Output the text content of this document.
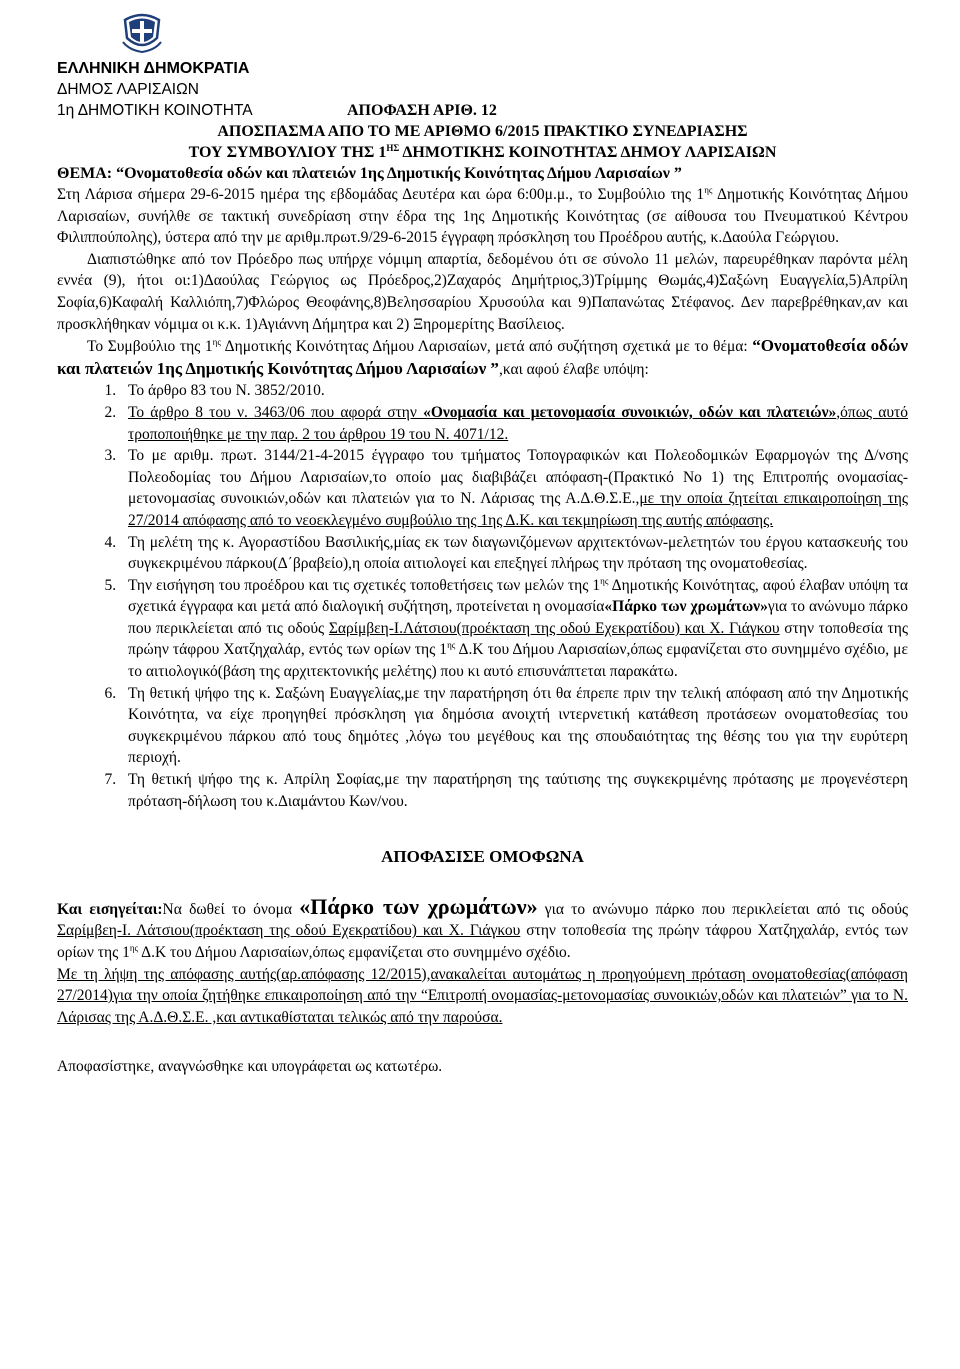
ΕΛΛΗΝΙΚΗ ΔΗΜΟΚΡΑΤΙΑ
ΔΗΜΟΣ ΛΑΡΙΣΑΙΩΝ
1η ΔΗΜΟΤΙΚΗ ΚΟΙΝΟΤΗΤΑ	ΑΠΟΦΑΣΗ ΑΡΙΘ. 12
ΑΠΟΣΠΑΣΜΑ ΑΠΟ ΤΟ ΜΕ ΑΡΙΘΜΟ 6/2015 ΠΡΑΚΤΙΚΟ ΣΥΝΕΔΡΙΑΣΗΣ
ΤΟΥ ΣΥΜΒΟΥΛΙΟΥ ΤΗΣ $1^{H\Sigma}$ ΔΗΜΟΤΙΚΗΣ ΚΟΙΝΟΤΗΤΑΣ ΔΗΜΟΥ ΛΑΡΙΣΑΙΩΝ
ΘΕΜΑ: “Ονοματοθεσία οδών και πλατειών 1ης Δημοτικής Κοινότητας Δήμου Λαρισαίων ”
Στη Λάρισα σήμερα 29-6-2015 ημέρα της εβδομάδας Δευτέρα και ώρα 6:00μ.μ., το Συμβούλιο της $1^{\eta\varsigma}$ Δημοτικής Κοινότητας Δήμου Λαρισαίων, συνήλθε σε τακτική συνεδρίαση στην έδρα της 1ης Δημοτικής Κοινότητας (σε αίθουσα του Πνευματικού Κέντρου Φιλιππούπολης), ύστερα από την με αριθμ.πρωτ.9/29-6-2015 έγγραφη πρόσκληση του Προέδρου αυτής, κ.Δαούλα Γεώργιου.
Διαπιστώθηκε από τον Πρόεδρο πως υπήρχε νόμιμη απαρτία, δεδομένου ότι σε σύνολο 11 μελών, παρευρέθηκαν παρόντα μέλη εννέα (9), ήτοι οι:1)Δαούλας Γεώργιος ως Πρόεδρος,2)Ζαχαρός Δημήτριος,3)Τρίμμης Θωμάς,4)Σαξώνη Ευαγγελία,5)Απρίλη Σοφία,6)Καφαλή Καλλιόπη,7)Φλώρος Θεοφάνης,8)Βελησσαρίου Χρυσούλα και 9)Παπανώτας Στέφανος. Δεν παρεβρέθηκαν,αν και προσκλήθηκαν νόμιμα οι κ.κ. 1)Αγιάννη Δήμητρα και 2) Ξηρομερίτης Βασίλειος.
Το Συμβούλιο της $1^{\eta\varsigma}$ Δημοτικής Κοινότητας Δήμου Λαρισαίων, μετά από συζήτηση σχετικά με το θέμα: “Ονοματοθεσία οδών και πλατειών 1ης Δημοτικής Κοινότητας Δήμου Λαρισαίων ”,και αφού έλαβε υπόψη:
1. Το άρθρο 83 του Ν. 3852/2010.
2. Το άρθρο 8 του ν. 3463/06 που αφορά στην «Ονομασία και μετονομασία συνοικιών, οδών και πλατειών»,όπως αυτό τροποποιήθηκε με την παρ. 2 του άρθρου 19 του Ν. 4071/12.
3. Το με αριθμ. πρωτ. 3144/21-4-2015 έγγραφο του τμήματος Τοπογραφικών και Πολεοδομικών Εφαρμογών της Δ/νσης Πολεοδομίας του Δήμου Λαρισαίων,το οποίο μας διαβιβάζει απόφαση-(Πρακτικό Νο 1) της Επιτροπής ονομασίας-μετονομασίας συνοικιών,οδών και πλατειών για το Ν. Λάρισας της Α.Δ.Θ.Σ.Ε.,με την οποία ζητείται επικαιροποίηση της 27/2014 απόφασης από το νεοεκλεγμένο συμβούλιο της 1ης Δ.Κ. και τεκμηρίωση της αυτής απόφασης.
4. Τη μελέτη της κ. Αγοραστίδου Βασιλικής,μίας εκ των διαγωνιζόμενων αρχιτεκτόνων-μελετητών του έργου κατασκευής του συγκεκριμένου πάρκου(Δ΄βραβείο),η οποία αιτιολογεί και επεξηγεί πλήρως την πρόταση της ονοματοθεσίας.
5. Την εισήγηση του προέδρου και τις σχετικές τοποθετήσεις των μελών της $1^{\eta\varsigma}$ Δημοτικής Κοινότητας, αφού έλαβαν υπόψη τα σχετικά έγγραφα και μετά από διαλογική συζήτηση, προτείνεται η ονομασία«Πάρκο των χρωμάτων»για το ανώνυμο πάρκο που περικλείεται από τις οδούς Σαρίμβεη-Ι.Λάτσιου(προέκταση της οδού Εχεκρατίδου) και Χ. Γιάγκου στην τοποθεσία της πρώην τάφρου Χατζηχαλάρ, εντός των ορίων της $1^{\eta\varsigma}$ Δ.Κ του Δήμου Λαρισαίων,όπως εμφανίζεται στο συνημμένο σχέδιο, με το αιτιολογικό(βάση της αρχιτεκτονικής μελέτης) που κι αυτό επισυνάπτεται παρακάτω.
6. Τη θετική ψήφο της κ. Σαξώνη Ευαγγελίας,με την παρατήρηση ότι θα έπρεπε πριν την τελική απόφαση από την Δημοτικής Κοινότητα, να είχε προηγηθεί πρόσκληση για δημόσια ανοιχτή ιντερνετική κατάθεση προτάσεων ονοματοθεσίας του συγκεκριμένου πάρκου από τους δημότες ,λόγω του μεγέθους και της σπουδαιότητας της θέσης του για την ευρύτερη περιοχή.
7. Τη θετική ψήφο της κ. Απρίλη Σοφίας,με την παρατήρηση της ταύτισης της συγκεκριμένης πρότασης με προγενέστερη πρόταση-δήλωση του κ.Διαμάντου Κων/νου.
ΑΠΟΦΑΣΙΣΕ ΟΜΟΦΩΝΑ
Και εισηγείται:Να δωθεί το όνομα «Πάρκο των χρωμάτων» για το ανώνυμο πάρκο που περικλείεται από τις οδούς Σαρίμβεη-Ι. Λάτσιου(προέκταση της οδού Εχεκρατίδου) και Χ. Γιάγκου στην τοποθεσία της πρώην τάφρου Χατζηχαλάρ, εντός των ορίων της $1^{\eta\varsigma}$ Δ.Κ του Δήμου Λαρισαίων,όπως εμφανίζεται στο συνημμένο σχέδιο.
Με τη λήψη της απόφασης αυτής(αρ.απόφασης 12/2015),ανακαλείται αυτομάτως η προηγούμενη πρόταση ονοματοθεσίας(απόφαση 27/2014)για την οποία ζητήθηκε επικαιροποίηση από την “Επιτροπή ονομασίας-μετονομασίας συνοικιών,οδών και πλατειών” για το Ν. Λάρισας της Α.Δ.Θ.Σ.Ε. ,και αντικαθίσταται τελικώς από την παρούσα.
Αποφασίστηκε, αναγνώσθηκε και υπογράφεται ως κατωτέρω.
